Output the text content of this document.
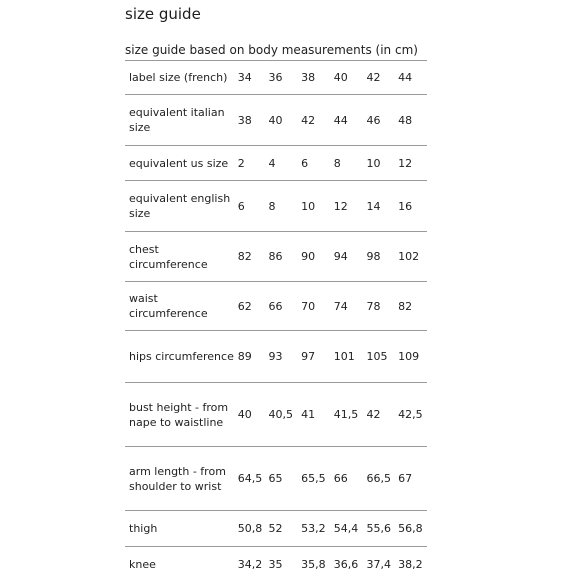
size guide
size guide based on body measurements (in cm)
label size (french)	34	36	38	40	42	44
equivalent italian size	38	40	42	44	46	48
equivalent us size	2	4	6	8	10	12
equivalent english size	6	8	10	12	14	16
chest circumference	82	86	90	94	98	102
waist circumference	62	66	70	74	78	82
hips circumference	89	93	97	101	105	109
bust height - from nape to waistline	40	40,5	41	41,5	42	42,5
arm length - from shoulder to wrist	64,5	65	65,5	66	66,5	67
thigh	50,8	52	53,2	54,4	55,6	56,8
knee	34,2	35	35,8	36,6	37,4	38,2
